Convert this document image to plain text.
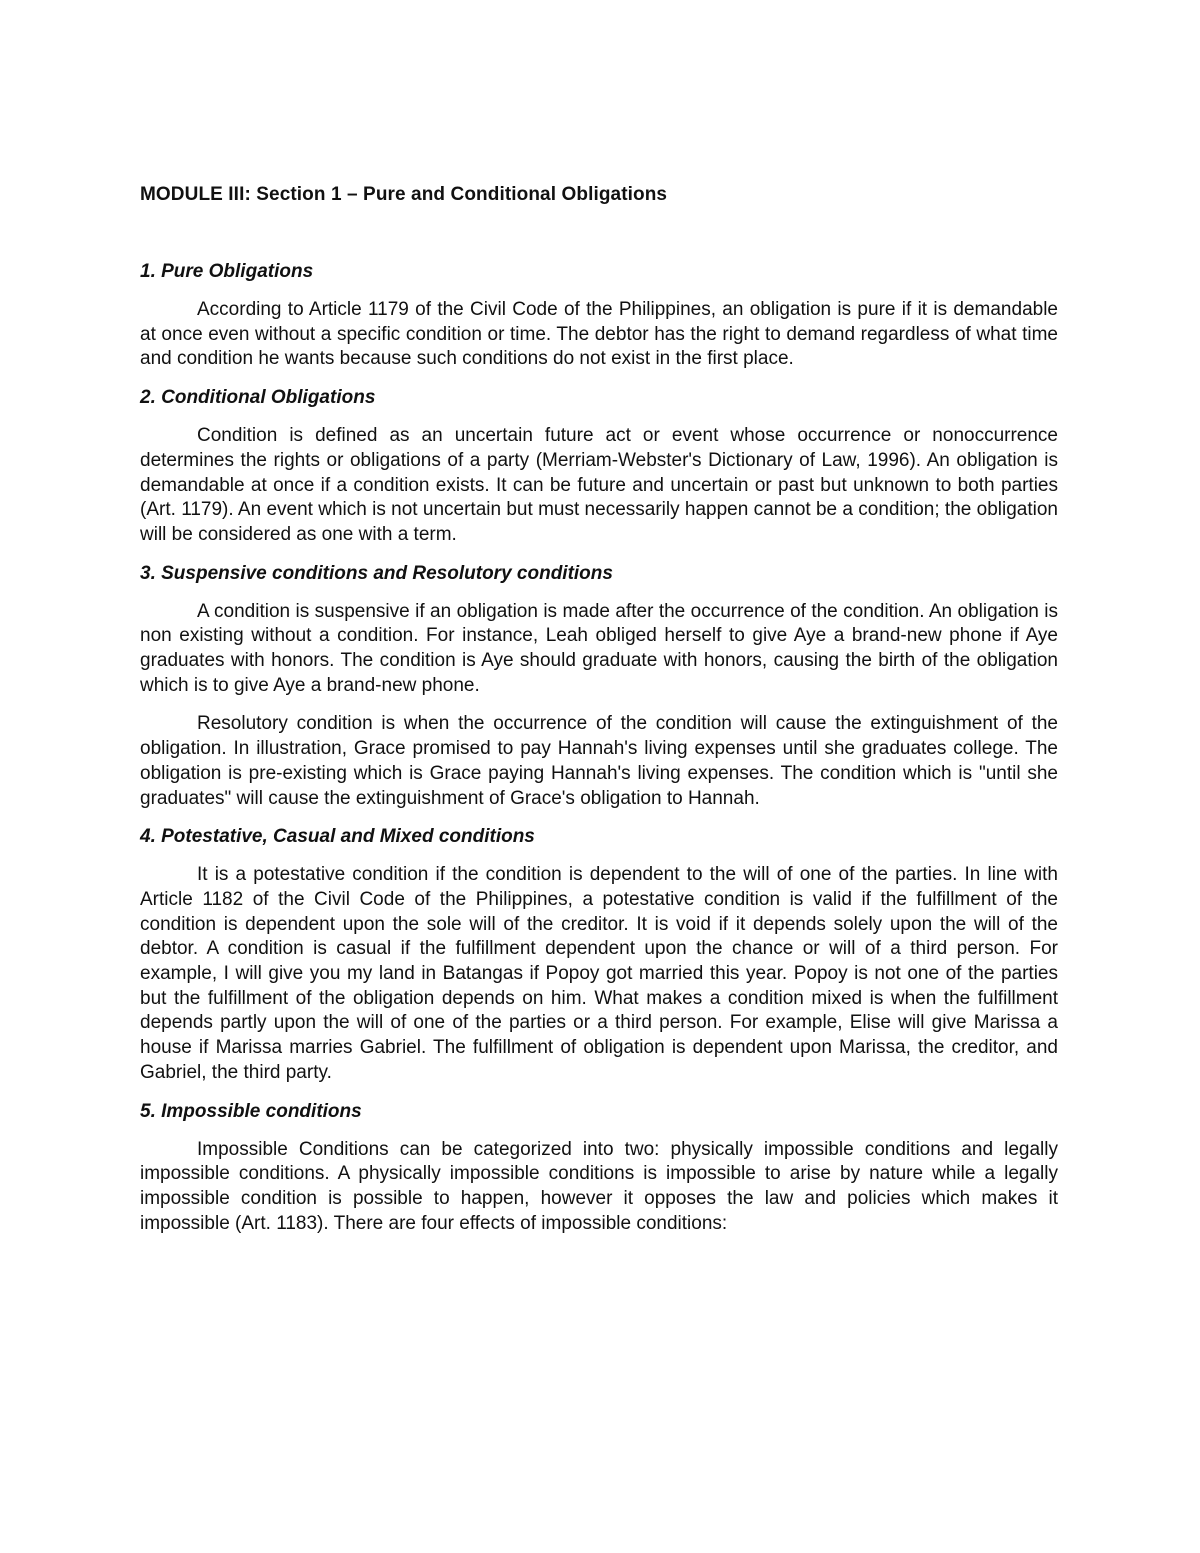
MODULE III: Section 1 – Pure and Conditional Obligations
1. Pure Obligations

According to Article 1179 of the Civil Code of the Philippines, an obligation is pure if it is demandable at once even without a specific condition or time. The debtor has the right to demand regardless of what time and condition he wants because such conditions do not exist in the first place.

2. Conditional Obligations

Condition is defined as an uncertain future act or event whose occurrence or nonoccurrence determines the rights or obligations of a party (Merriam-Webster's Dictionary of Law, 1996). An obligation is demandable at once if a condition exists. It can be future and uncertain or past but unknown to both parties (Art. 1179). An event which is not uncertain but must necessarily happen cannot be a condition; the obligation will be considered as one with a term.

3. Suspensive conditions and Resolutory conditions

A condition is suspensive if an obligation is made after the occurrence of the condition. An obligation is non existing without a condition. For instance, Leah obliged herself to give Aye a brand-new phone if Aye graduates with honors. The condition is Aye should graduate with honors, causing the birth of the obligation which is to give Aye a brand-new phone.

Resolutory condition is when the occurrence of the condition will cause the extinguishment of the obligation. In illustration, Grace promised to pay Hannah's living expenses until she graduates college. The obligation is pre-existing which is Grace paying Hannah's living expenses. The condition which is "until she graduates" will cause the extinguishment of Grace's obligation to Hannah.

4. Potestative, Casual and Mixed conditions

It is a potestative condition if the condition is dependent to the will of one of the parties. In line with Article 1182 of the Civil Code of the Philippines, a potestative condition is valid if the fulfillment of the condition is dependent upon the sole will of the creditor. It is void if it depends solely upon the will of the debtor. A condition is casual if the fulfillment dependent upon the chance or will of a third person. For example, I will give you my land in Batangas if Popoy got married this year. Popoy is not one of the parties but the fulfillment of the obligation depends on him. What makes a condition mixed is when the fulfillment depends partly upon the will of one of the parties or a third person. For example, Elise will give Marissa a house if Marissa marries Gabriel. The fulfillment of obligation is dependent upon Marissa, the creditor, and Gabriel, the third party.

5. Impossible conditions

Impossible Conditions can be categorized into two: physically impossible conditions and legally impossible conditions. A physically impossible conditions is impossible to arise by nature while a legally impossible condition is possible to happen, however it opposes the law and policies which makes it impossible (Art. 1183). There are four effects of impossible conditions:
